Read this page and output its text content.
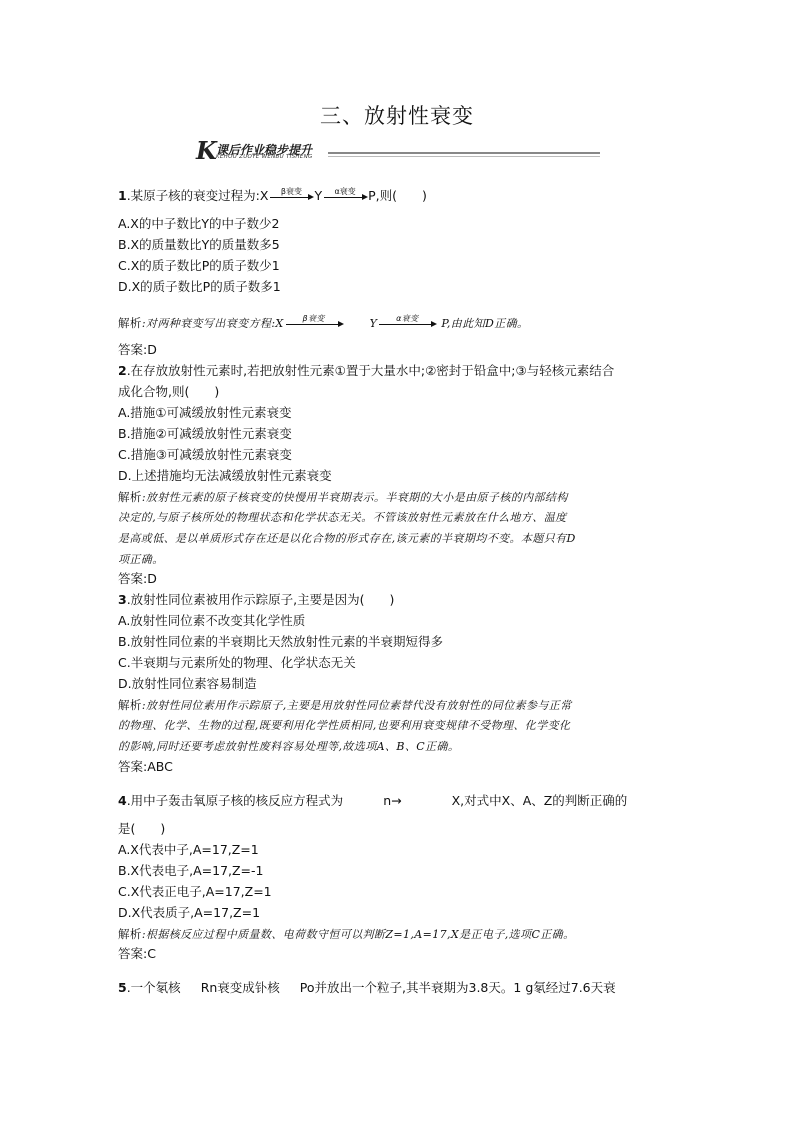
三、放射性衰变
K 课后作业稳步提升
KEHOU ZUOYE WENBU TISHENG
1.某原子核的衰变过程为:X	β衰变 Y	α衰变 P,则(　　)
A.X的中子数比Y的中子数少2
B.X的质量数比Y的质量数多5
C.X的质子数比P的质子数少1
D.X的质子数比P的质子数多1
解析:对两种衰变写出衰变方程:X	β衰变	Y	α衰变	P,由此知D正确。
答案:D
2.在存放放射性元素时,若把放射性元素①置于大量水中;②密封于铅盒中;③与轻核元素结合
成化合物,则(　　)
A.措施①可减缓放射性元素衰变
B.措施②可减缓放射性元素衰变
C.措施③可减缓放射性元素衰变
D.上述措施均无法减缓放射性元素衰变
解析:放射性元素的原子核衰变的快慢用半衰期表示。半衰期的大小是由原子核的内部结构
决定的,与原子核所处的物理状态和化学状态无关。不管该放射性元素放在什么地方、温度
是高或低、是以单质形式存在还是以化合物的形式存在,该元素的半衰期均不变。本题只有D
项正确。
答案:D
3.放射性同位素被用作示踪原子,主要是因为(　　)
A.放射性同位素不改变其化学性质
B.放射性同位素的半衰期比天然放射性元素的半衰期短得多
C.半衰期与元素所处的物理、化学状态无关
D.放射性同位素容易制造
解析:放射性同位素用作示踪原子,主要是用放射性同位素替代没有放射性的同位素参与正常
的物理、化学、生物的过程,既要利用化学性质相同,也要利用衰变规律不受物理、化学变化
的影响,同时还要考虑放射性废料容易处理等,故选项A、B、C正确。
答案:ABC
4.用中子轰击氧原子核的核反应方程式为	n→	X,对式中X、A、Z的判断正确的
是(　　)
A.X代表中子,A=17,Z=1
B.X代表电子,A=17,Z=-1
C.X代表正电子,A=17,Z=1
D.X代表质子,A=17,Z=1
解析:根据核反应过程中质量数、电荷数守恒可以判断Z=1,A=17,X是正电子,选项C正确。
答案:C
5.一个氡核 Rn衰变成钋核 Po并放出一个粒子,其半衰期为3.8天。1 g氡经过7.6天衰
